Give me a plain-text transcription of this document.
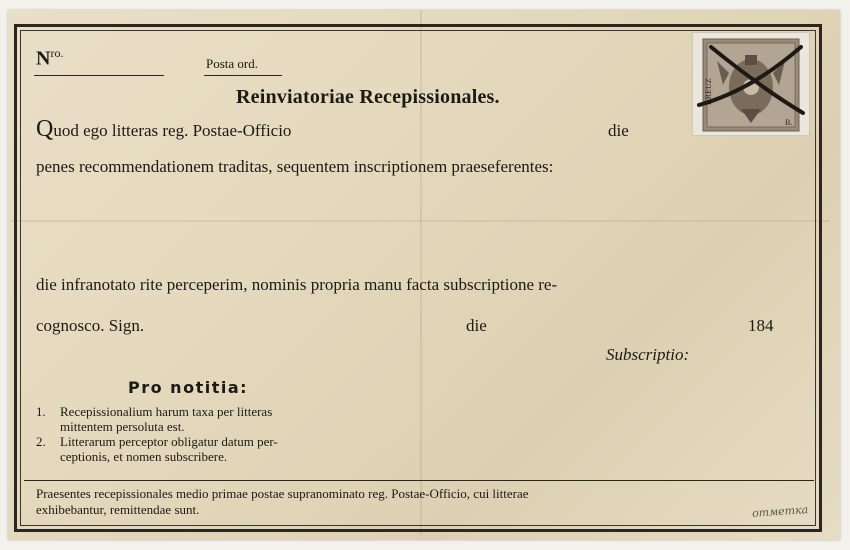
$N^{ro.}$
Posta ord.
Reinviatoriae Recepissionales.
Quod ego litteras reg. Postae-Officio	die
penes recommendationem traditas, sequentem inscriptionem praeseferentes:
die infranotato rite perceperim, nominis propria manu facta subscriptione re-
cognosco. Sign.	die	184
Subscriptio:
Pro notitia:
1.	Recepissionalium harum taxa per litteras
mittentem persoluta est.
2.	Litterarum perceptor obligatur datum per-
ceptionis, et nomen subscribere.
Praesentes recepissionales medio primae postae supranominato reg. Postae-Officio, cui litterae
exhibebantur, remittendae sunt.
KREUZ
B.
отметка
